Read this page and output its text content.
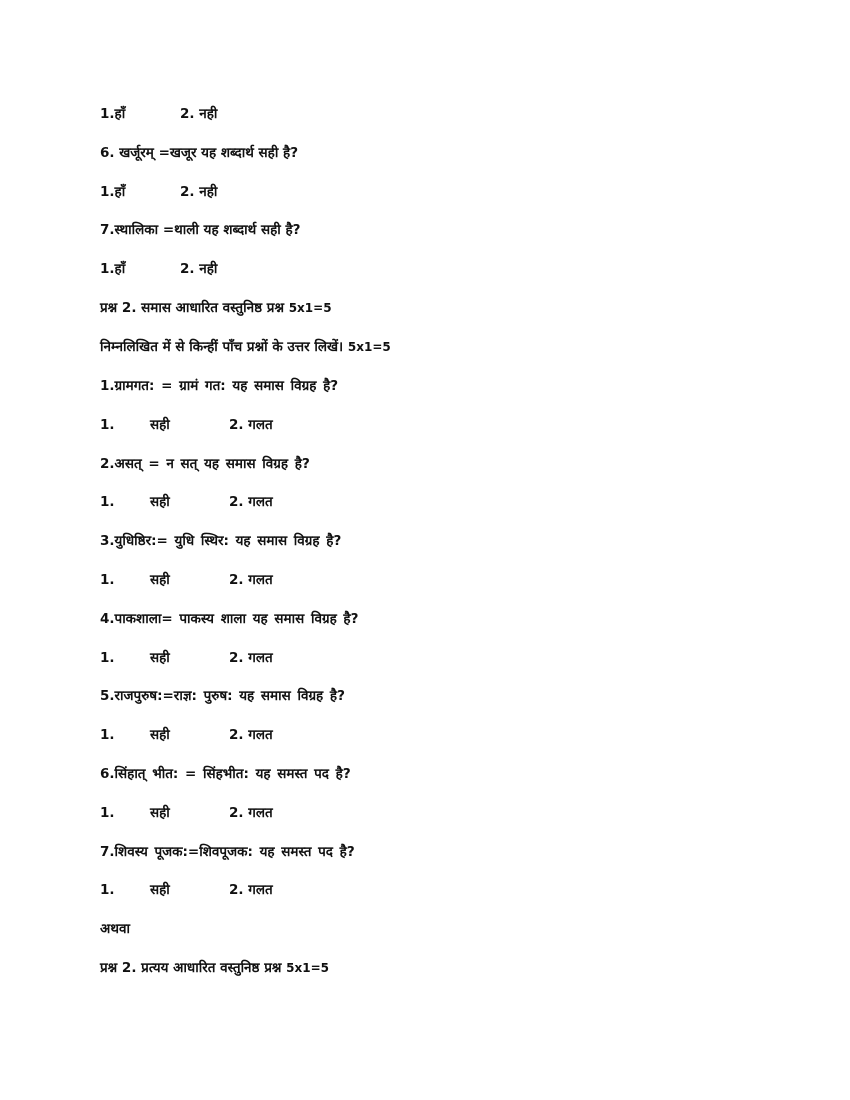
1.हाँ	2. नही
6. खर्जूरम् =खजूर यह शब्दार्थ सही है?
1.हाँ	2. नही
7.स्थालिका =थाली यह शब्दार्थ सही है?
1.हाँ	2. नही
प्रश्न 2. समास आधारित वस्तुनिष्ठ प्रश्न 5x1=5
निम्नलिखित में से किन्हीं पाँच प्रश्नों के उत्तर लिखें। 5x1=5
1.ग्रामगत: = ग्रामं गत: यह समास विग्रह है?
1.	सही	2. गलत
2.असत् = न सत् यह समास विग्रह है?
1.	सही	2. गलत
3.युधिष्ठिर:= युधि स्थिर: यह समास विग्रह है?
1.	सही	2. गलत
4.पाकशाला= पाकस्य शाला यह समास विग्रह है?
1.	सही	2. गलत
5.राजपुरुष:=राज्ञ: पुरुष: यह समास विग्रह है?
1.	सही	2. गलत
6.सिंहात् भीत: = सिंहभीत: यह समस्त पद है?
1.	सही	2. गलत
7.शिवस्य पूजक:=शिवपूजक: यह समस्त पद है?
1.	सही	2. गलत
अथवा
प्रश्न 2. प्रत्यय आधारित वस्तुनिष्ठ प्रश्न 5x1=5
